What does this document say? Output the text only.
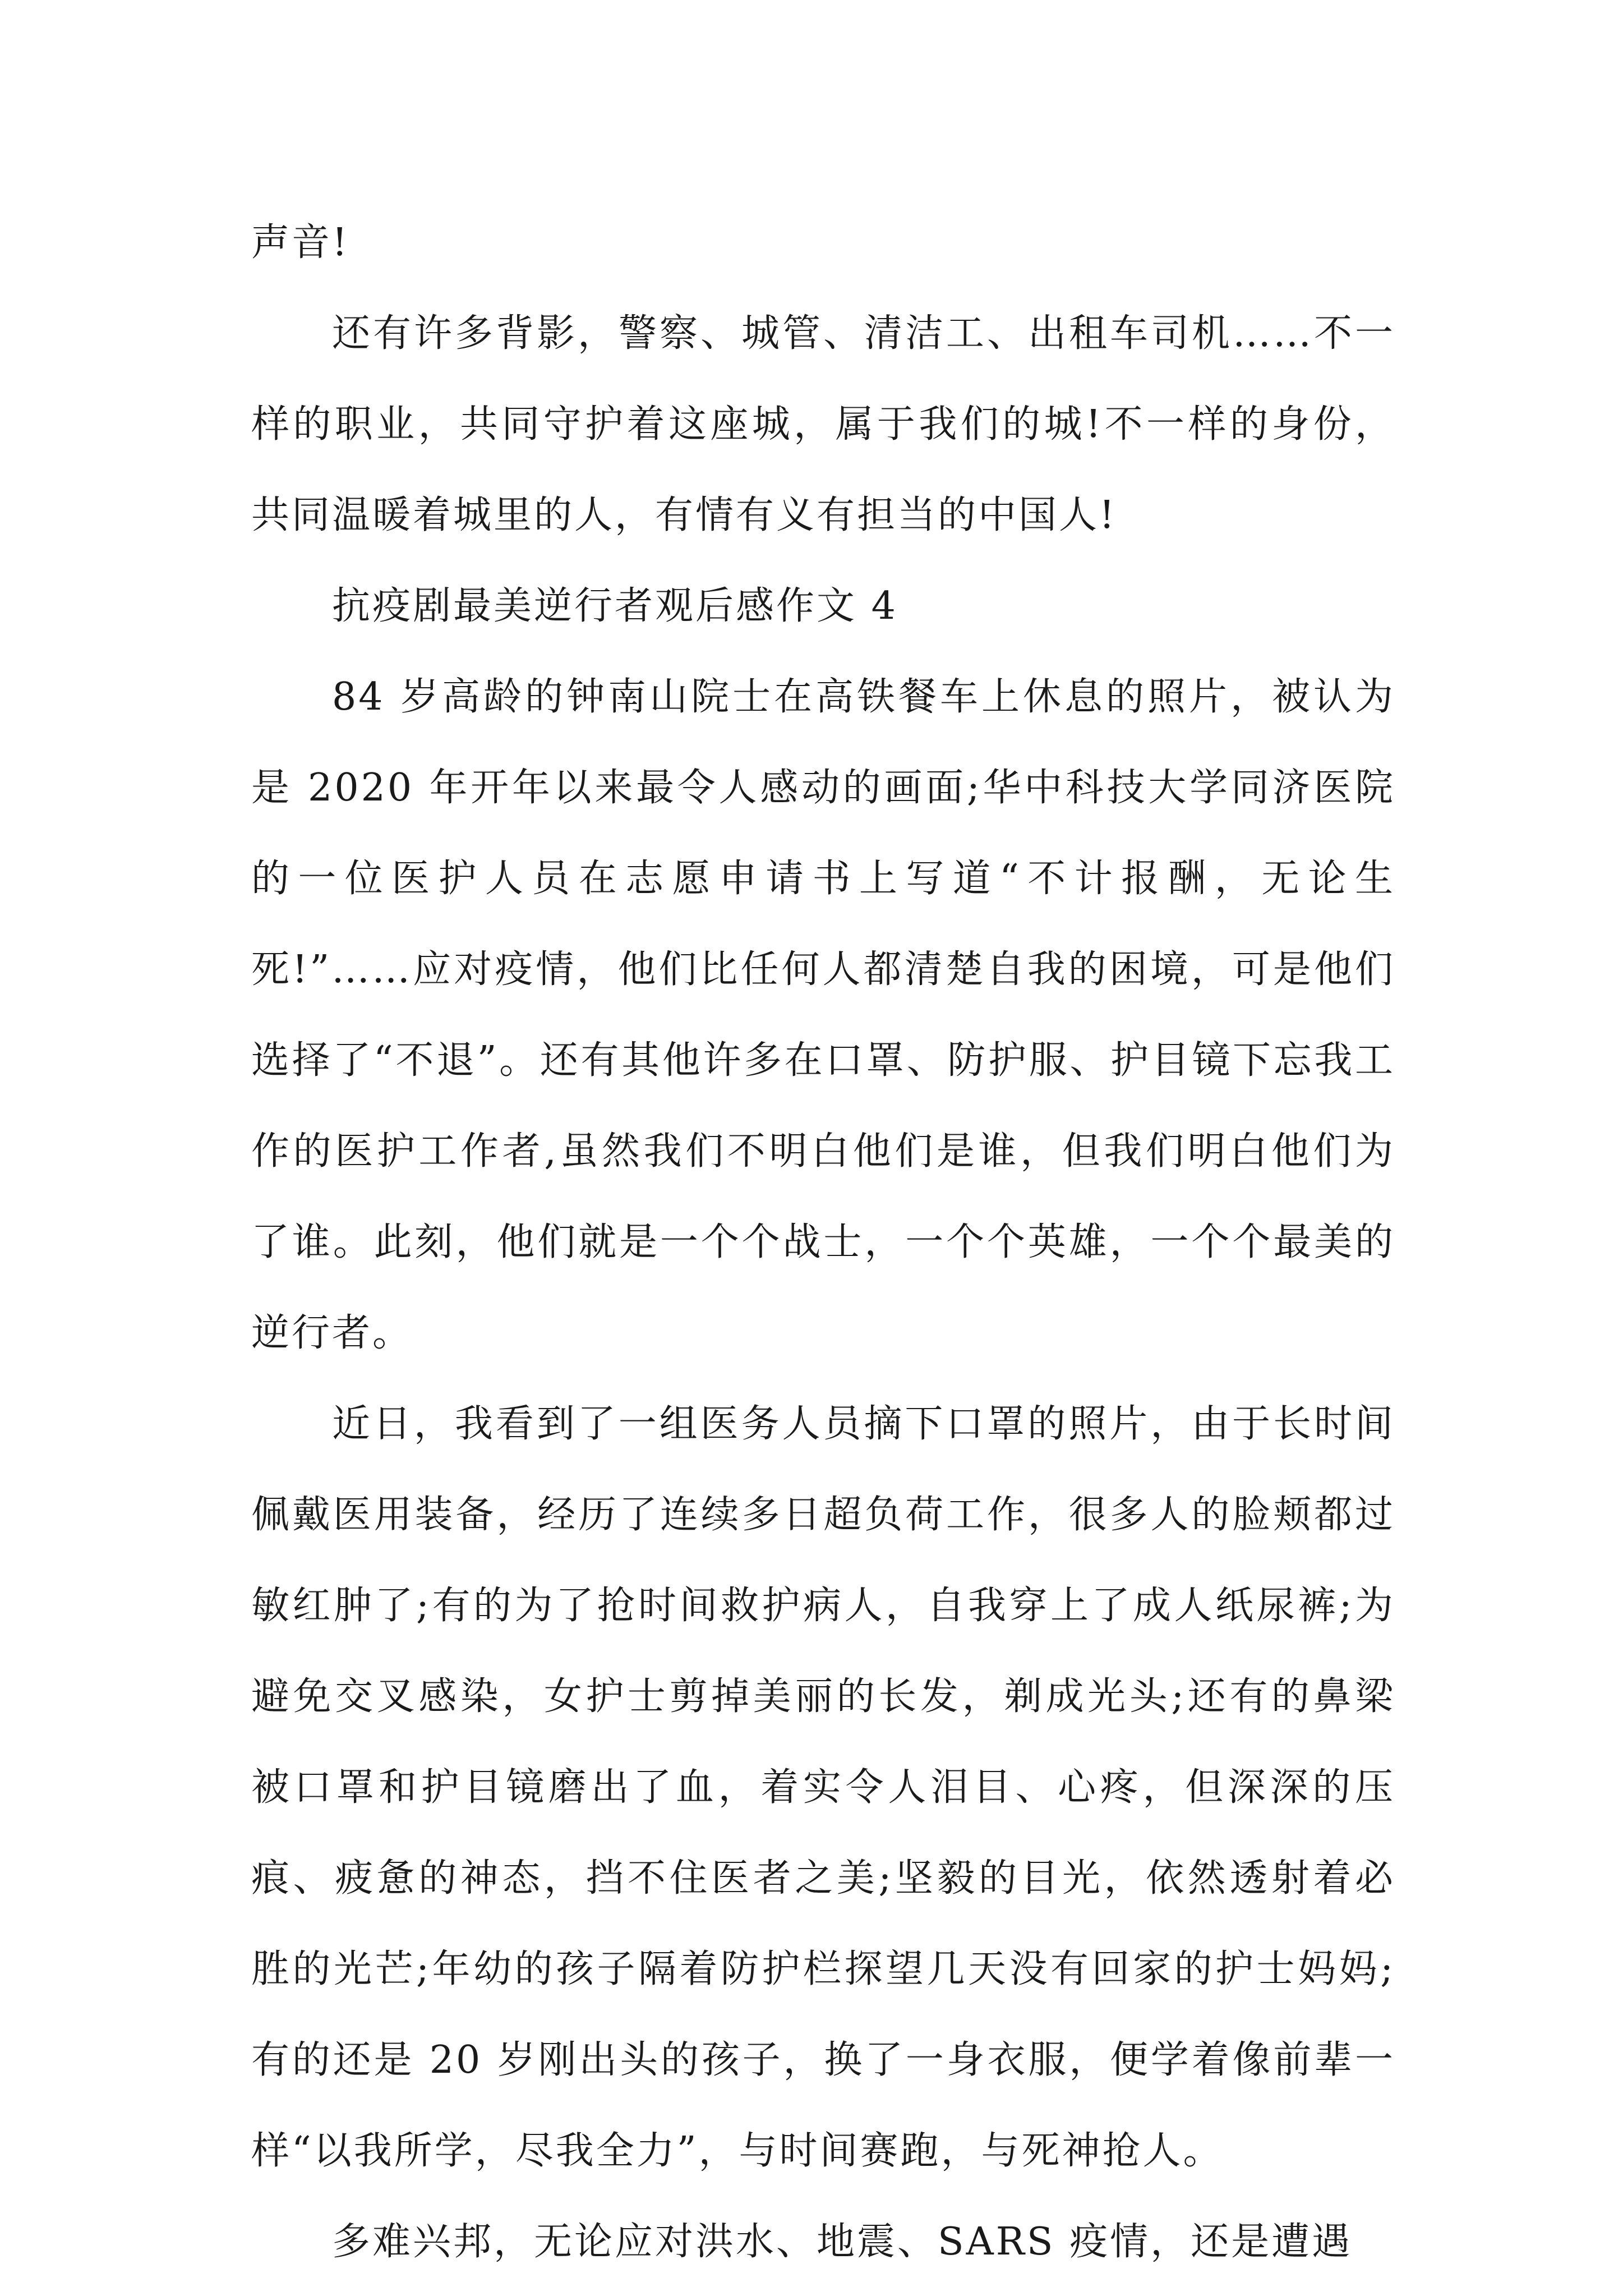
声音!

还有许多背影，警察、城管、清洁工、出租车司机……不一样的职业，共同守护着这座城，属于我们的城!不一样的身份，共同温暖着城里的人，有情有义有担当的中国人!

抗疫剧最美逆行者观后感作文 4

84 岁高龄的钟南山院士在高铁餐车上休息的照片，被认为是 2020 年开年以来最令人感动的画面;华中科技大学同济医院的一位医护人员在志愿申请书上写道“不计报酬，无论生死!”……应对疫情，他们比任何人都清楚自我的困境，可是他们选择了“不退”。还有其他许多在口罩、防护服、护目镜下忘我工作的医护工作者,虽然我们不明白他们是谁，但我们明白他们为了谁。此刻，他们就是一个个战士，一个个英雄，一个个最美的逆行者。

近日，我看到了一组医务人员摘下口罩的照片，由于长时间佩戴医用装备，经历了连续多日超负荷工作，很多人的脸颊都过敏红肿了;有的为了抢时间救护病人，自我穿上了成人纸尿裤;为避免交叉感染，女护士剪掉美丽的长发，剃成光头;还有的鼻梁被口罩和护目镜磨出了血，着实令人泪目、心疼，但深深的压痕、疲惫的神态，挡不住医者之美;坚毅的目光，依然透射着必胜的光芒;年幼的孩子隔着防护栏探望几天没有回家的护士妈妈;有的还是 20 岁刚出头的孩子，换了一身衣服，便学着像前辈一样“以我所学，尽我全力”，与时间赛跑，与死神抢人。

多难兴邦，无论应对洪水、地震、SARS 疫情，还是遭遇
